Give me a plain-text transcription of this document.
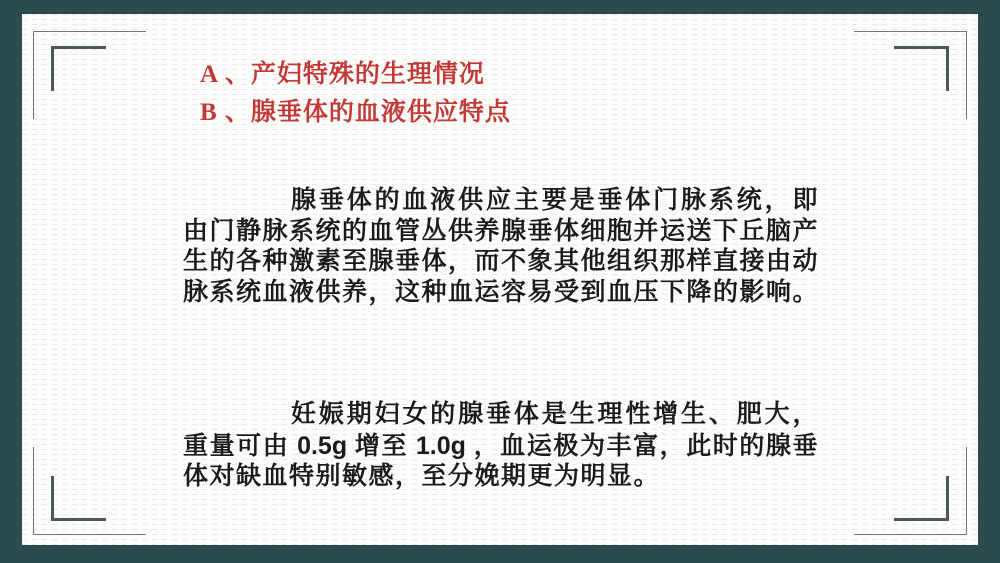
A 、产妇特殊的生理情况
B 、腺垂体的血液供应特点

腺垂体的血液供应主要是垂体门脉系统，即由门静脉系统的血管丛供养腺垂体细胞并运送下丘脑产生的各种激素至腺垂体，而不象其他组织那样直接由动脉系统血液供养，这种血运容易受到血压下降的影响。

妊娠期妇女的腺垂体是生理性增生、肥大，重量可由 0.5g 增至 1.0g ，血运极为丰富，此时的腺垂体对缺血特别敏感，至分娩期更为明显。
